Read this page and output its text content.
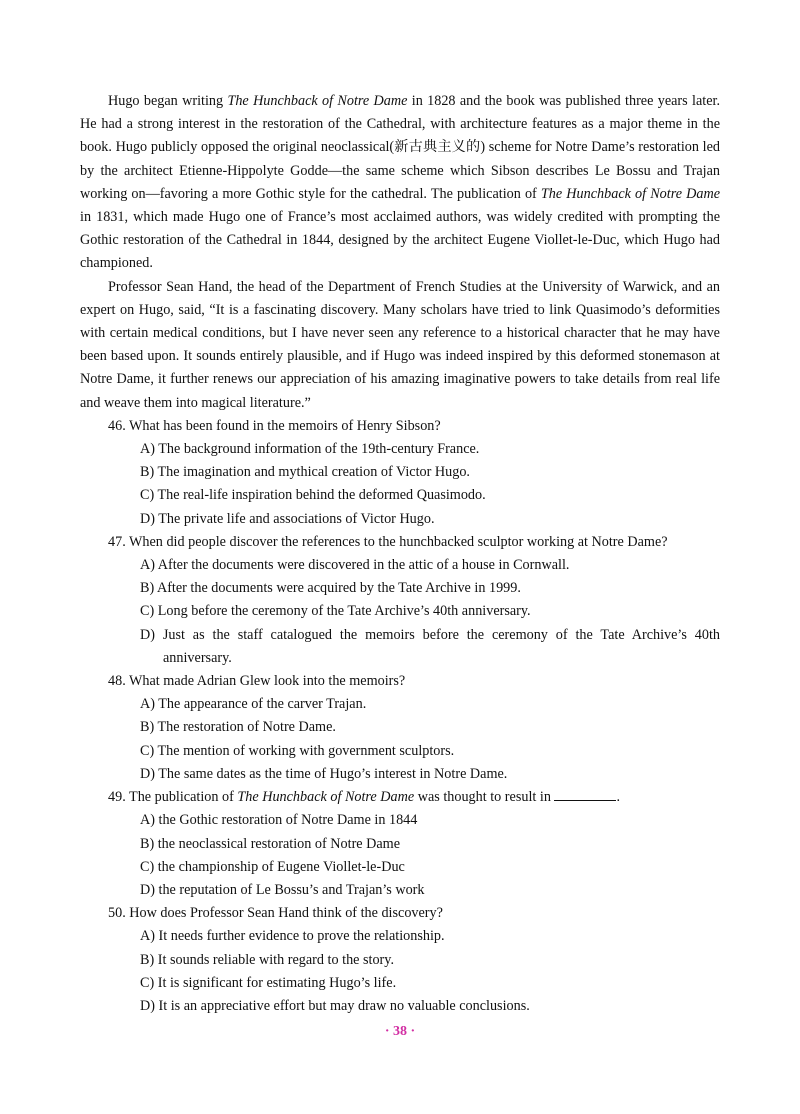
Hugo began writing The Hunchback of Notre Dame in 1828 and the book was published three years later. He had a strong interest in the restoration of the Cathedral, with architecture features as a major theme in the book. Hugo publicly opposed the original neoclassical(新古典主义的) scheme for Notre Dame’s restoration led by the architect Etienne-Hippolyte Godde—the same scheme which Sibson describes Le Bossu and Trajan working on—favoring a more Gothic style for the cathedral. The publication of The Hunchback of Notre Dame in 1831, which made Hugo one of France’s most acclaimed authors, was widely credited with prompting the Gothic restoration of the Cathedral in 1844, designed by the architect Eugene Viollet-le-Duc, which Hugo had championed.

Professor Sean Hand, the head of the Department of French Studies at the University of Warwick, and an expert on Hugo, said, “It is a fascinating discovery. Many scholars have tried to link Quasimodo’s deformities with certain medical conditions, but I have never seen any reference to a historical character that he may have been based upon. It sounds entirely plausible, and if Hugo was indeed inspired by this deformed stonemason at Notre Dame, it further renews our appreciation of his amazing imaginative powers to take details from real life and weave them into magical literature.”

46. What has been found in the memoirs of Henry Sibson?

A) The background information of the 19th-century France.
B) The imagination and mythical creation of Victor Hugo.
C) The real-life inspiration behind the deformed Quasimodo.
D) The private life and associations of Victor Hugo.

47. When did people discover the references to the hunchbacked sculptor working at Notre Dame?

A) After the documents were discovered in the attic of a house in Cornwall.
B) After the documents were acquired by the Tate Archive in 1999.
C) Long before the ceremony of the Tate Archive’s 40th anniversary.
D) Just as the staff catalogued the memoirs before the ceremony of the Tate Archive’s 40th anniversary.

48. What made Adrian Glew look into the memoirs?

A) The appearance of the carver Trajan.
B) The restoration of Notre Dame.
C) The mention of working with government sculptors.
D) The same dates as the time of Hugo’s interest in Notre Dame.

49. The publication of The Hunchback of Notre Dame was thought to result in	.

A) the Gothic restoration of Notre Dame in 1844
B) the neoclassical restoration of Notre Dame
C) the championship of Eugene Viollet-le-Duc
D) the reputation of Le Bossu’s and Trajan’s work

50. How does Professor Sean Hand think of the discovery?

A) It needs further evidence to prove the relationship.
B) It sounds reliable with regard to the story.
C) It is significant for estimating Hugo’s life.
D) It is an appreciative effort but may draw no valuable conclusions.
· 38 ·
